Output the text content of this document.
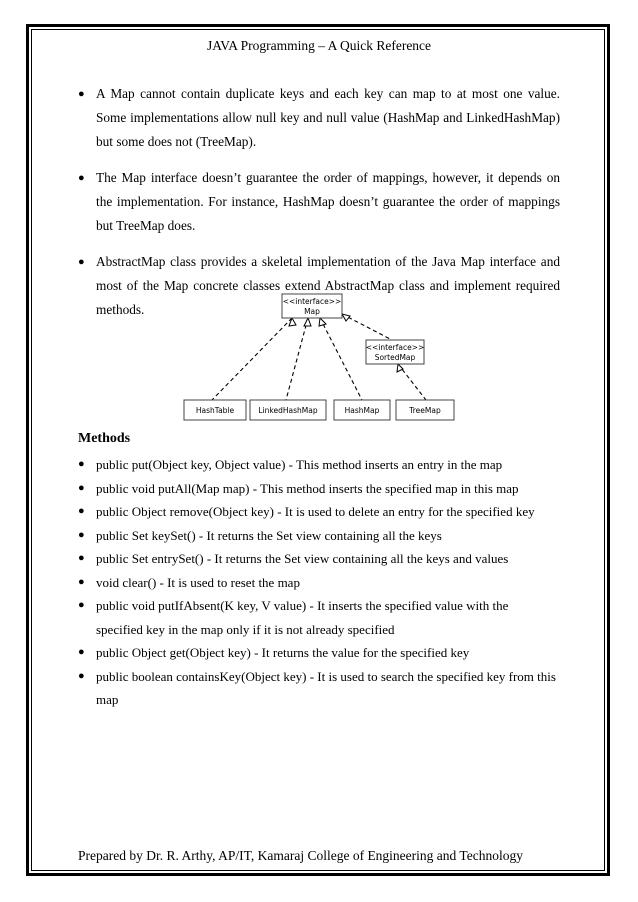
JAVA Programming – A Quick Reference
● A Map cannot contain duplicate keys and each key can map to at most one value. Some implementations allow null key and null value (HashMap and LinkedHashMap) but some does not (TreeMap).
● The Map interface doesn’t guarantee the order of mappings, however, it depends on the implementation. For instance, HashMap doesn’t guarantee the order of mappings but TreeMap does.
● AbstractMap class provides a skeletal implementation of the Java Map interface and most of the Map concrete classes extend AbstractMap class and implement required methods.
<<interface>>
Map
<<interface>>
SortedMap
HashTable	LinkedHashMap	HashMap	TreeMap
Methods
● public put(Object key, Object value) - This method inserts an entry in the map
● public void putAll(Map map) - This method inserts the specified map in this map
● public Object remove(Object key) - It is used to delete an entry for the specified key
● public Set keySet() - It returns the Set view containing all the keys
● public Set entrySet() - It returns the Set view containing all the keys and values
● void clear() - It is used to reset the map
● public void putIfAbsent(K key, V value) - It inserts the specified value with the specified key in the map only if it is not already specified
● public Object get(Object key) - It returns the value for the specified key
● public boolean containsKey(Object key) - It is used to search the specified key from this map
Prepared by Dr. R. Arthy, AP/IT, Kamaraj College of Engineering and Technology
